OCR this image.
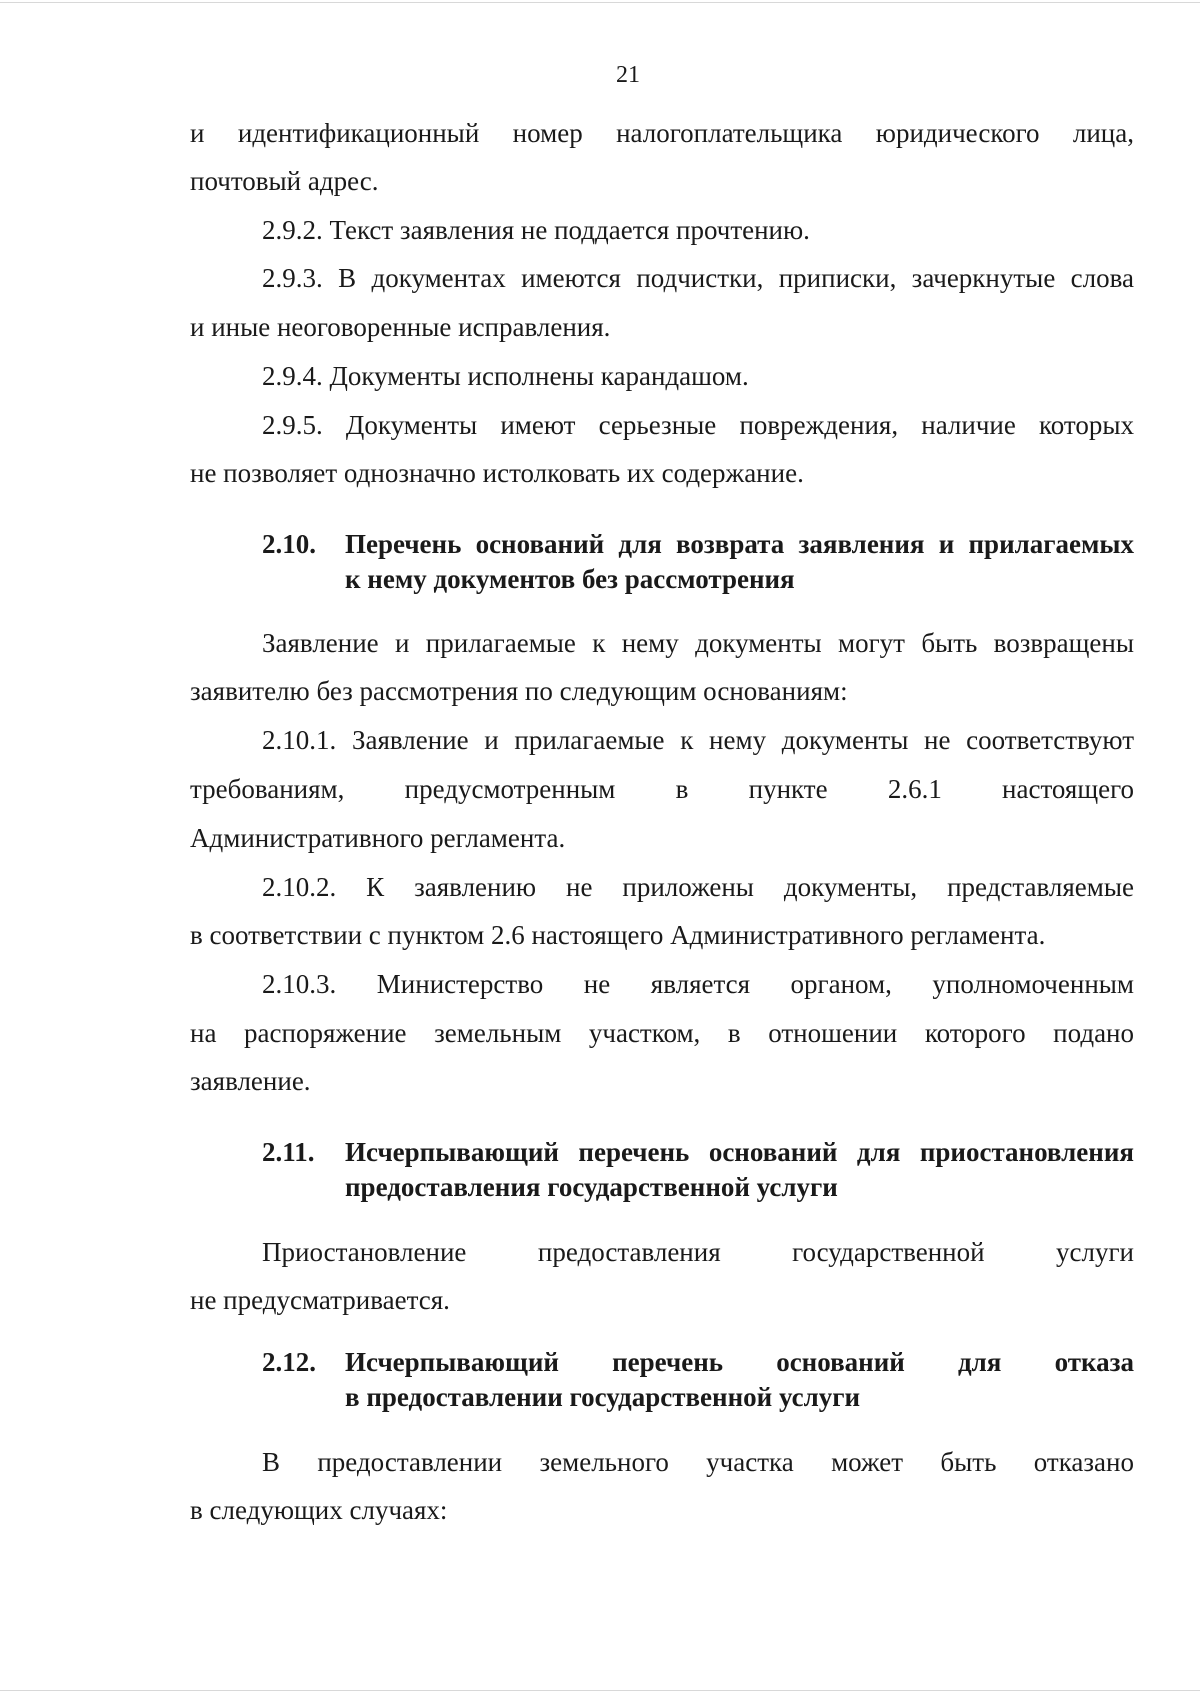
21
и идентификационный номер налогоплательщика юридического лица,
почтовый адрес.
2.9.2. Текст заявления не поддается прочтению.
2.9.3. В документах имеются подчистки, приписки, зачеркнутые слова
и иные неоговоренные исправления.
2.9.4. Документы исполнены карандашом.
2.9.5. Документы имеют серьезные повреждения, наличие которых
не позволяет однозначно истолковать их содержание.
2.10. Перечень оснований для возврата заявления и прилагаемых
к нему документов без рассмотрения
Заявление и прилагаемые к нему документы могут быть возвращены
заявителю без рассмотрения по следующим основаниям:
2.10.1. Заявление и прилагаемые к нему документы не соответствуют
требованиям, предусмотренным в пункте 2.6.1 настоящего
Административного регламента.
2.10.2. К заявлению не приложены документы, представляемые
в соответствии с пунктом 2.6 настоящего Административного регламента.
2.10.3. Министерство не является органом, уполномоченным
на распоряжение земельным участком, в отношении которого подано
заявление.
2.11. Исчерпывающий перечень оснований для приостановления
предоставления государственной услуги
Приостановление предоставления государственной услуги
не предусматривается.
2.12. Исчерпывающий перечень оснований для отказа
в предоставлении государственной услуги
В предоставлении земельного участка может быть отказано
в следующих случаях:
